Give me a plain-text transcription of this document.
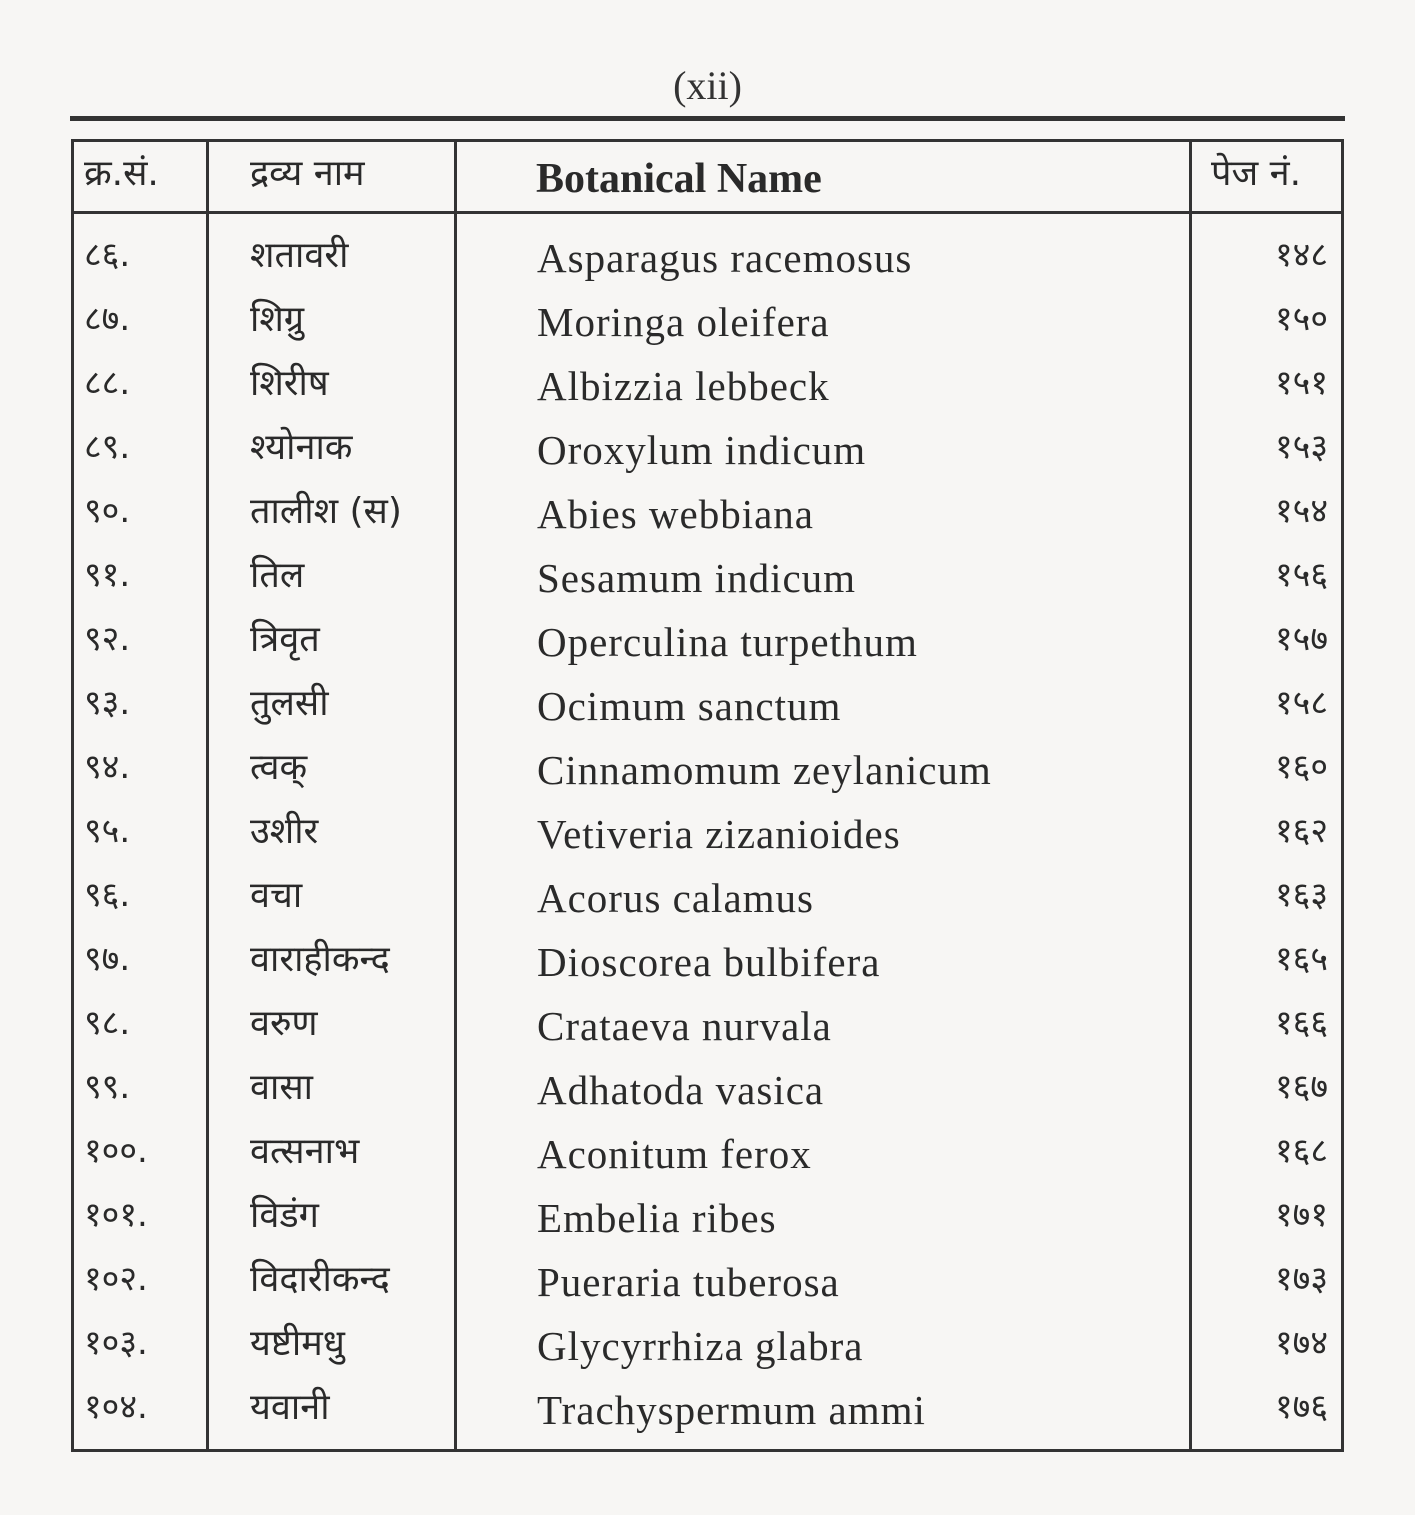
(xii)
क्र.सं.	द्रव्य नाम	Botanical Name	पेज नं.
८६.	शतावरी	Asparagus racemosus	१४८
८७.	शिग्रु	Moringa oleifera	१५०
८८.	शिरीष	Albizzia lebbeck	१५१
८९.	श्योनाक	Oroxylum indicum	१५३
९०.	तालीश (स)	Abies webbiana	१५४
९१.	तिल	Sesamum indicum	१५६
९२.	त्रिवृत	Operculina turpethum	१५७
९३.	तुलसी	Ocimum sanctum	१५८
९४.	त्वक्	Cinnamomum zeylanicum	१६०
९५.	उशीर	Vetiveria zizanioides	१६२
९६.	वचा	Acorus calamus	१६३
९७.	वाराहीकन्द	Dioscorea bulbifera	१६५
९८.	वरुण	Crataeva nurvala	१६६
९९.	वासा	Adhatoda vasica	१६७
१००.	वत्सनाभ	Aconitum ferox	१६८
१०१.	विडंग	Embelia ribes	१७१
१०२.	विदारीकन्द	Pueraria tuberosa	१७३
१०३.	यष्टीमधु	Glycyrrhiza glabra	१७४
१०४.	यवानी	Trachyspermum ammi	१७६
